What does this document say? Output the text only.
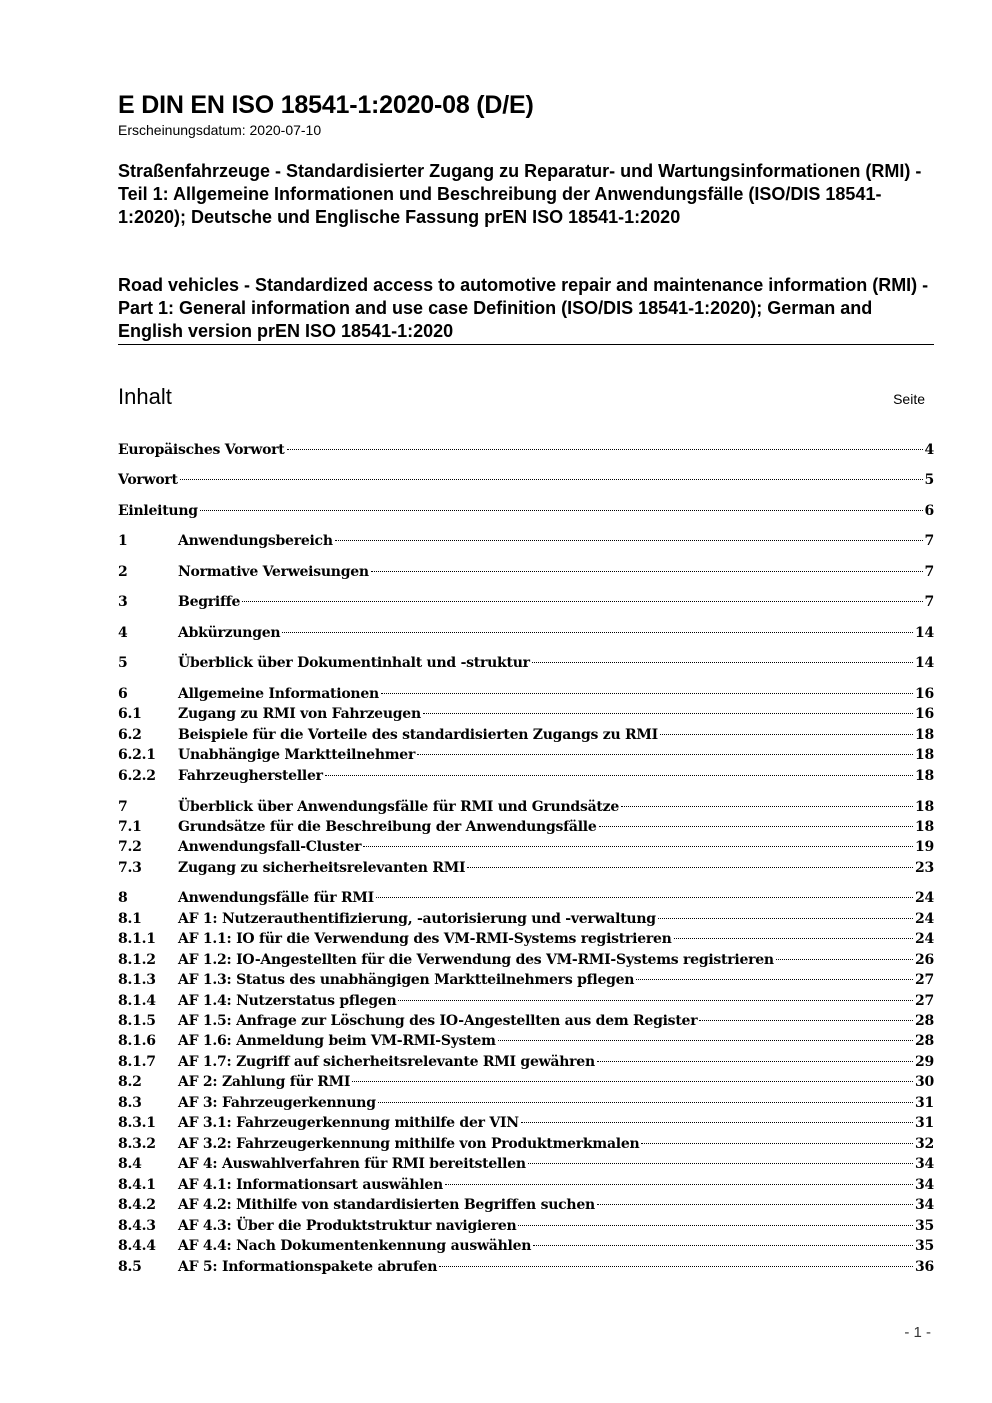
E DIN EN ISO 18541-1:2020-08 (D/E)
Erscheinungsdatum: 2020-07-10
Straßenfahrzeuge - Standardisierter Zugang zu Reparatur- und Wartungsinformationen (RMI) - Teil 1: Allgemeine Informationen und Beschreibung der Anwendungsfälle (ISO/DIS 18541-1:2020); Deutsche und Englische Fassung prEN ISO 18541-1:2020
Road vehicles - Standardized access to automotive repair and maintenance information (RMI) - Part 1: General information and use case Definition (ISO/DIS 18541-1:2020); German and English version prEN ISO 18541-1:2020
Inhalt	Seite
Europäisches Vorwort	4
Vorwort	5
Einleitung	6
1	Anwendungsbereich	7
2	Normative Verweisungen	7
3	Begriffe	7
4	Abkürzungen	14
5	Überblick über Dokumentinhalt und -struktur	14
6	Allgemeine Informationen	16
6.1	Zugang zu RMI von Fahrzeugen	16
6.2	Beispiele für die Vorteile des standardisierten Zugangs zu RMI	18
6.2.1	Unabhängige Marktteilnehmer	18
6.2.2	Fahrzeughersteller	18
7	Überblick über Anwendungsfälle für RMI und Grundsätze	18
7.1	Grundsätze für die Beschreibung der Anwendungsfälle	18
7.2	Anwendungsfall-Cluster	19
7.3	Zugang zu sicherheitsrelevanten RMI	23
8	Anwendungsfälle für RMI	24
8.1	AF 1: Nutzerauthentifizierung, -autorisierung und -verwaltung	24
8.1.1	AF 1.1: IO für die Verwendung des VM-RMI-Systems registrieren	24
8.1.2	AF 1.2: IO-Angestellten für die Verwendung des VM-RMI-Systems registrieren	26
8.1.3	AF 1.3: Status des unabhängigen Marktteilnehmers pflegen	27
8.1.4	AF 1.4: Nutzerstatus pflegen	27
8.1.5	AF 1.5: Anfrage zur Löschung des IO-Angestellten aus dem Register	28
8.1.6	AF 1.6: Anmeldung beim VM-RMI-System	28
8.1.7	AF 1.7: Zugriff auf sicherheitsrelevante RMI gewähren	29
8.2	AF 2: Zahlung für RMI	30
8.3	AF 3: Fahrzeugerkennung	31
8.3.1	AF 3.1: Fahrzeugerkennung mithilfe der VIN	31
8.3.2	AF 3.2: Fahrzeugerkennung mithilfe von Produktmerkmalen	32
8.4	AF 4: Auswahlverfahren für RMI bereitstellen	34
8.4.1	AF 4.1: Informationsart auswählen	34
8.4.2	AF 4.2: Mithilfe von standardisierten Begriffen suchen	34
8.4.3	AF 4.3: Über die Produktstruktur navigieren	35
8.4.4	AF 4.4: Nach Dokumentenkennung auswählen	35
8.5	AF 5: Informationspakete abrufen	36
- 1 -
